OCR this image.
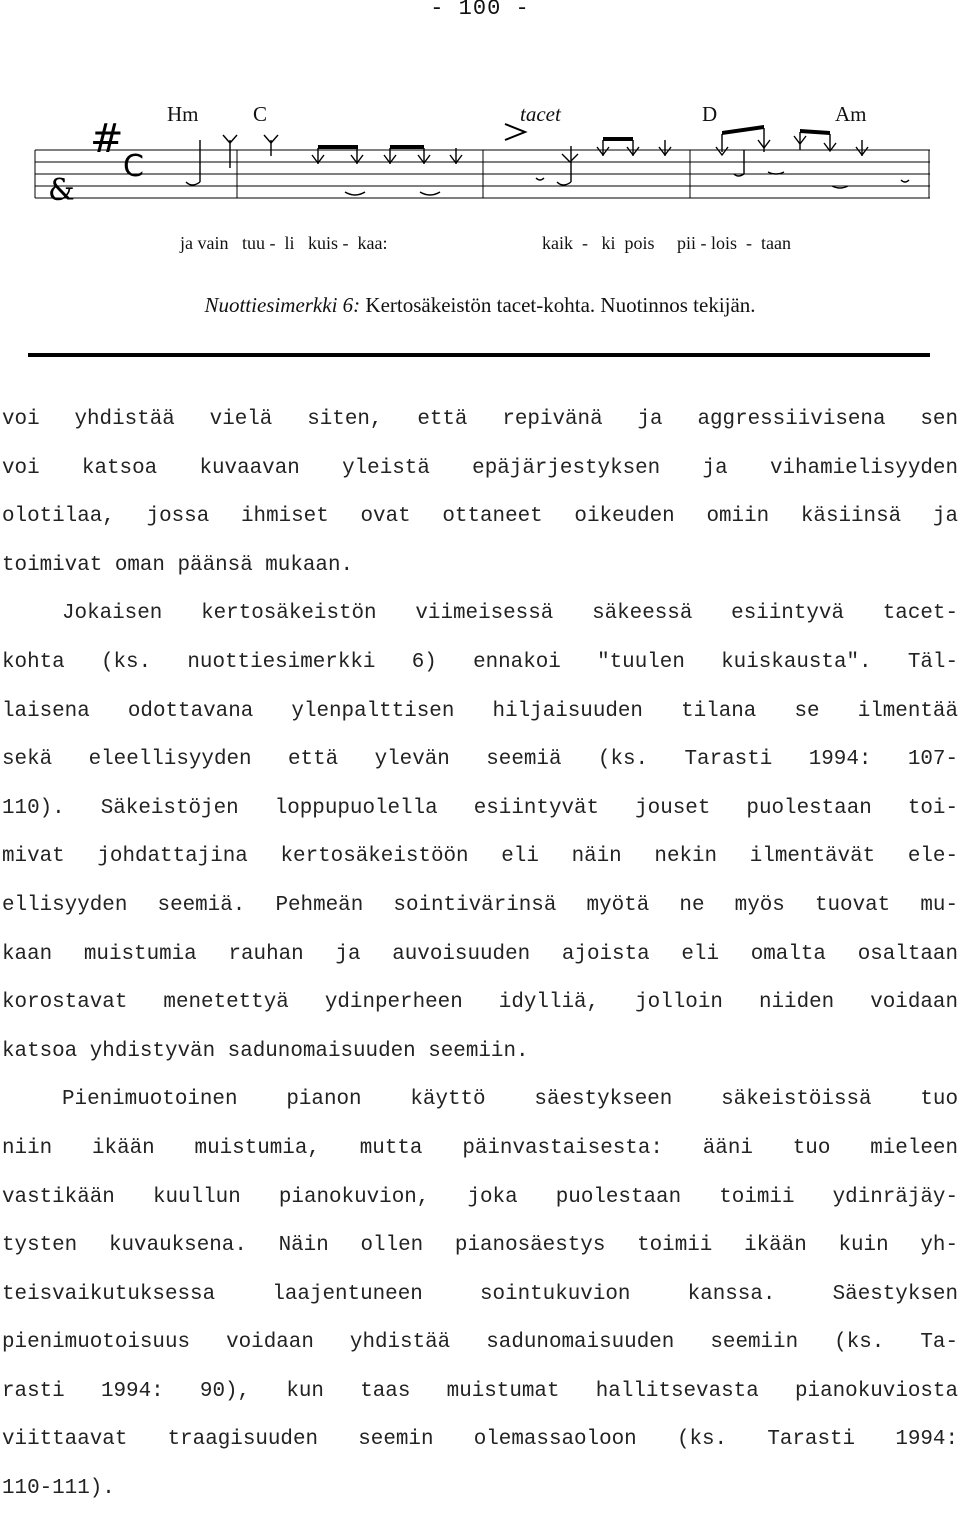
- 100 -
Hm	C	tacet	D	Am
&
#
C
ja vain   tuu -  li   kuis -  kaa:	kaik  -   ki  pois     pii - lois  -  taan
Nuottiesimerkki 6: Kertosäkeistön tacet-kohta. Nuotinnos tekijän.
voi yhdistää vielä siten, että repivänä ja aggressiivisena sen
voi katsoa kuvaavan yleistä epäjärjestyksen ja vihamielisyyden
olotilaa, jossa ihmiset ovat ottaneet oikeuden omiin käsiinsä ja
toimivat oman päänsä mukaan.
Jokaisen kertosäkeistön viimeisessä säkeessä esiintyvä tacet-
kohta (ks. nuottiesimerkki 6) ennakoi "tuulen kuiskausta". Täl-
laisena odottavana ylenpalttisen hiljaisuuden tilana se ilmentää
sekä eleellisyyden että ylevän seemiä (ks. Tarasti 1994: 107-
110). Säkeistöjen loppupuolella esiintyvät jouset puolestaan toi-
mivat johdattajina kertosäkeistöön eli näin nekin ilmentävät ele-
ellisyyden seemiä. Pehmeän sointivärinsä myötä ne myös tuovat mu-
kaan muistumia rauhan ja auvoisuuden ajoista eli omalta osaltaan
korostavat menetettyä ydinperheen idylliä, jolloin niiden voidaan
katsoa yhdistyvän sadunomaisuuden seemiin.
Pienimuotoinen pianon käyttö säestykseen säkeistöissä tuo
niin ikään muistumia, mutta päinvastaisesta: ääni tuo mieleen
vastikään kuullun pianokuvion, joka puolestaan toimii ydinräjäy-
tysten kuvauksena. Näin ollen pianosäestys toimii ikään kuin yh-
teisvaikutuksessa laajentuneen sointukuvion kanssa. Säestyksen
pienimuotoisuus voidaan yhdistää sadunomaisuuden seemiin (ks. Ta-
rasti 1994: 90), kun taas muistumat hallitsevasta pianokuviosta
viittaavat traagisuuden seemin olemassaoloon (ks. Tarasti 1994:
110-111).
